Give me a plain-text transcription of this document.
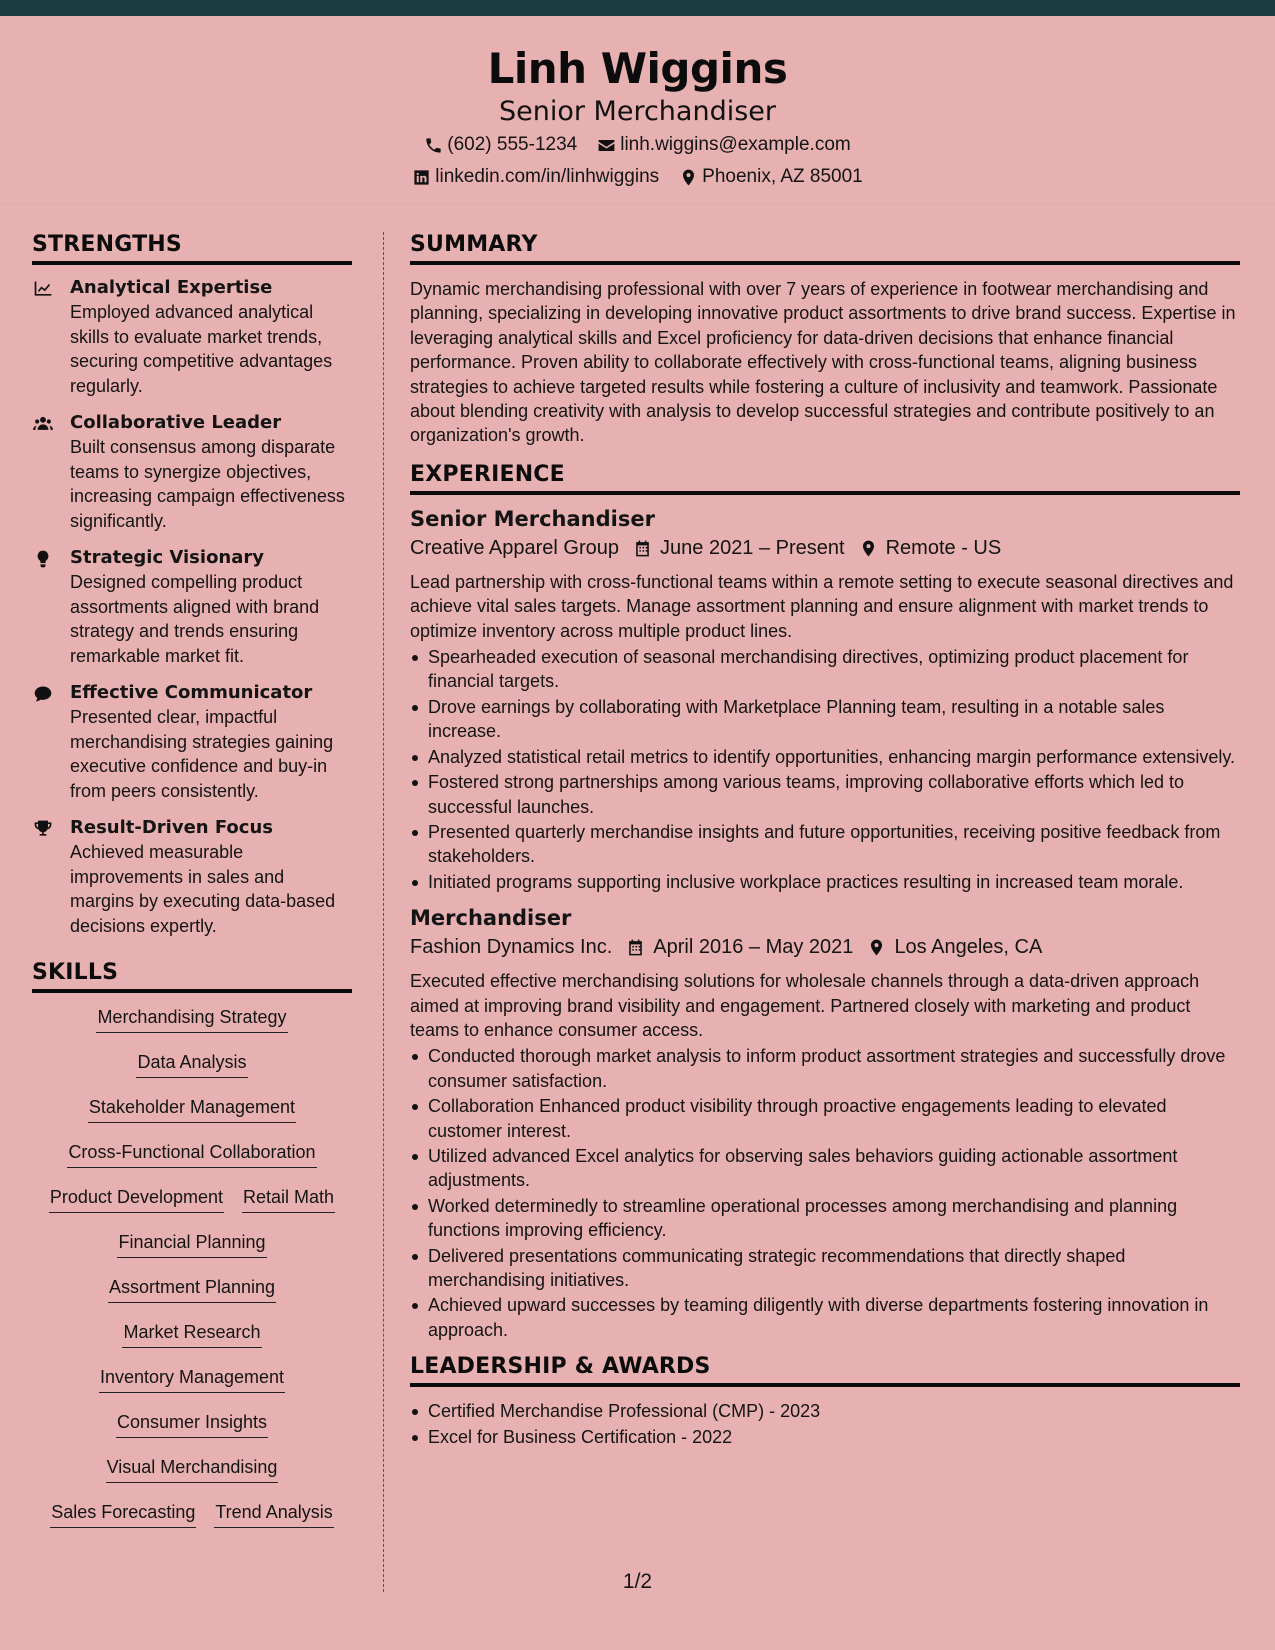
Linh Wiggins
Senior Merchandiser
(602) 555-1234 linh.wiggins@example.com
linkedin.com/in/linhwiggins Phoenix, AZ 85001
STRENGTHS
Analytical Expertise
Employed advanced analytical skills to evaluate market trends, securing competitive advantages regularly.
Collaborative Leader
Built consensus among disparate teams to synergize objectives, increasing campaign effectiveness significantly.
Strategic Visionary
Designed compelling product assortments aligned with brand strategy and trends ensuring remarkable market fit.
Effective Communicator
Presented clear, impactful merchandising strategies gaining executive confidence and buy-in from peers consistently.
Result-Driven Focus
Achieved measurable improvements in sales and margins by executing data-based decisions expertly.
SKILLS
Merchandising Strategy
Data Analysis
Stakeholder Management
Cross-Functional Collaboration
Product Development Retail Math
Financial Planning
Assortment Planning
Market Research
Inventory Management
Consumer Insights
Visual Merchandising
Sales Forecasting Trend Analysis
SUMMARY
Dynamic merchandising professional with over 7 years of experience in footwear merchandising and planning, specializing in developing innovative product assortments to drive brand success. Expertise in leveraging analytical skills and Excel proficiency for data-driven decisions that enhance financial performance. Proven ability to collaborate effectively with cross-functional teams, aligning business strategies to achieve targeted results while fostering a culture of inclusivity and teamwork. Passionate about blending creativity with analysis to develop successful strategies and contribute positively to an organization's growth.
EXPERIENCE
Senior Merchandiser
Creative Apparel Group June 2021 – Present Remote - US
Lead partnership with cross-functional teams within a remote setting to execute seasonal directives and achieve vital sales targets. Manage assortment planning and ensure alignment with market trends to optimize inventory across multiple product lines.
Spearheaded execution of seasonal merchandising directives, optimizing product placement for financial targets.
Drove earnings by collaborating with Marketplace Planning team, resulting in a notable sales increase.
Analyzed statistical retail metrics to identify opportunities, enhancing margin performance extensively.
Fostered strong partnerships among various teams, improving collaborative efforts which led to successful launches.
Presented quarterly merchandise insights and future opportunities, receiving positive feedback from stakeholders.
Initiated programs supporting inclusive workplace practices resulting in increased team morale.
Merchandiser
Fashion Dynamics Inc. April 2016 – May 2021 Los Angeles, CA
Executed effective merchandising solutions for wholesale channels through a data-driven approach aimed at improving brand visibility and engagement. Partnered closely with marketing and product teams to enhance consumer access.
Conducted thorough market analysis to inform product assortment strategies and successfully drove consumer satisfaction.
Collaboration Enhanced product visibility through proactive engagements leading to elevated customer interest.
Utilized advanced Excel analytics for observing sales behaviors guiding actionable assortment adjustments.
Worked determinedly to streamline operational processes among merchandising and planning functions improving efficiency.
Delivered presentations communicating strategic recommendations that directly shaped merchandising initiatives.
Achieved upward successes by teaming diligently with diverse departments fostering innovation in approach.
LEADERSHIP & AWARDS
Certified Merchandise Professional (CMP) - 2023
Excel for Business Certification - 2022
1/2
